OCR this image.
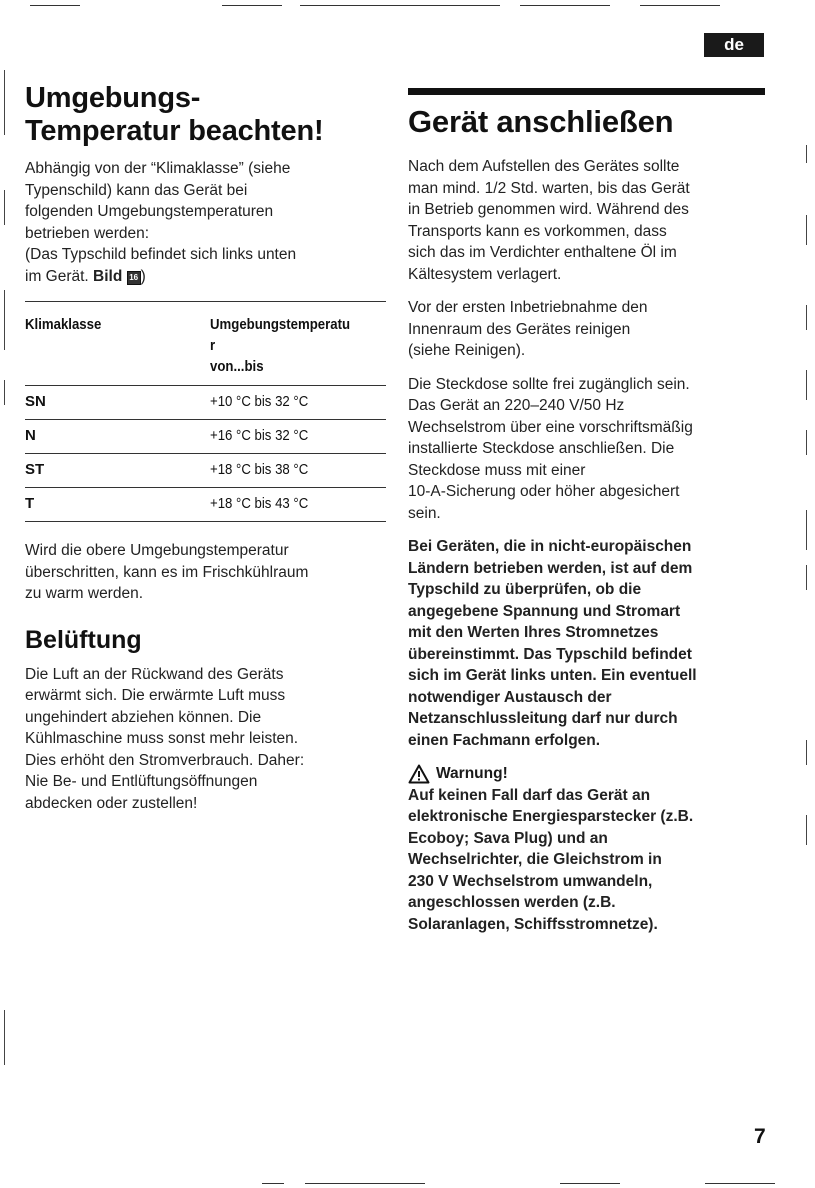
de
Umgebungs-
Temperatur beachten!

Abhängig von der “Klimaklasse” (siehe
Typenschild) kann das Gerät bei
folgenden Umgebungstemperaturen
betrieben werden:
(Das Typschild befindet sich links unten
im Gerät. Bild 16 )

Klimaklasse	Umgebungstemperatu
r
von...bis
SN	+10 °C bis 32 °C
N	+16 °C bis 32 °C
ST	+18 °C bis 38 °C
T	+18 °C bis 43 °C

Wird die obere Umgebungstemperatur
überschritten, kann es im Frischkühlraum
zu warm werden.

Belüftung

Die Luft an der Rückwand des Geräts
erwärmt sich. Die erwärmte Luft muss
ungehindert abziehen können. Die
Kühlmaschine muss sonst mehr leisten.
Dies erhöht den Stromverbrauch. Daher:
Nie Be- und Entlüftungsöffnungen
abdecken oder zustellen!

Gerät anschließen

Nach dem Aufstellen des Gerätes sollte
man mind. 1/2 Std. warten, bis das Gerät
in Betrieb genommen wird. Während des
Transports kann es vorkommen, dass
sich das im Verdichter enthaltene Öl im
Kältesystem verlagert.

Vor der ersten Inbetriebnahme den
Innenraum des Gerätes reinigen
(siehe Reinigen).

Die Steckdose sollte frei zugänglich sein.
Das Gerät an 220–240 V/50 Hz
Wechselstrom über eine vorschriftsmäßig
installierte Steckdose anschließen. Die
Steckdose muss mit einer
10-A-Sicherung oder höher abgesichert
sein.

Bei Geräten, die in nicht-europäischen
Ländern betrieben werden, ist auf dem
Typschild zu überprüfen, ob die
angegebene Spannung und Stromart
mit den Werten Ihres Stromnetzes
übereinstimmt. Das Typschild befindet
sich im Gerät links unten. Ein eventuell
notwendiger Austausch der
Netzanschlussleitung darf nur durch
einen Fachmann erfolgen.

Warnung!

Auf keinen Fall darf das Gerät an
elektronische Energiesparstecker (z.B.
Ecoboy; Sava Plug) und an
Wechselrichter, die Gleichstrom in
230 V Wechselstrom umwandeln,
angeschlossen werden (z.B.
Solaranlagen, Schiffsstromnetze).

7
